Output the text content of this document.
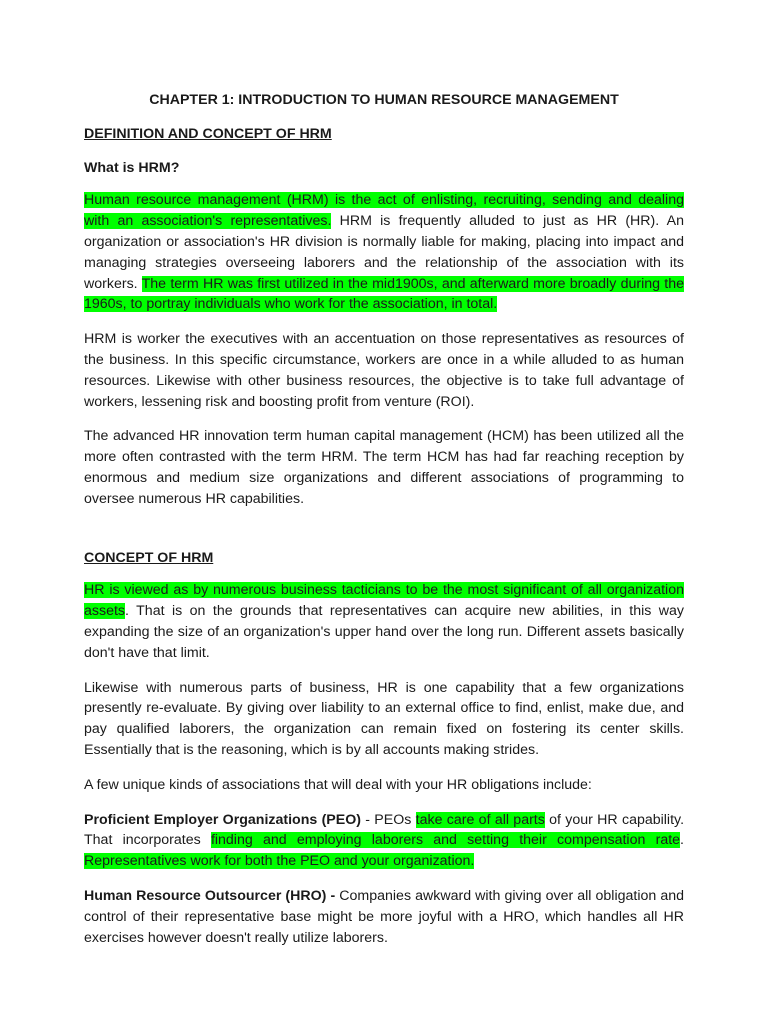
CHAPTER 1: INTRODUCTION TO HUMAN RESOURCE MANAGEMENT
DEFINITION AND CONCEPT OF HRM
What is HRM?

Human resource management (HRM) is the act of enlisting, recruiting, sending and dealing with an association's representatives. HRM is frequently alluded to just as HR (HR). An organization or association's HR division is normally liable for making, placing into impact and managing strategies overseeing laborers and the relationship of the association with its workers. The term HR was first utilized in the mid1900s, and afterward more broadly during the 1960s, to portray individuals who work for the association, in total.

HRM is worker the executives with an accentuation on those representatives as resources of the business. In this specific circumstance, workers are once in a while alluded to as human resources. Likewise with other business resources, the objective is to take full advantage of workers, lessening risk and boosting profit from venture (ROI).

The advanced HR innovation term human capital management (HCM) has been utilized all the more often contrasted with the term HRM. The term HCM has had far reaching reception by enormous and medium size organizations and different associations of programming to oversee numerous HR capabilities.

CONCEPT OF HRM

HR is viewed as by numerous business tacticians to be the most significant of all organization assets. That is on the grounds that representatives can acquire new abilities, in this way expanding the size of an organization's upper hand over the long run. Different assets basically don't have that limit.

Likewise with numerous parts of business, HR is one capability that a few organizations presently re-evaluate. By giving over liability to an external office to find, enlist, make due, and pay qualified laborers, the organization can remain fixed on fostering its center skills. Essentially that is the reasoning, which is by all accounts making strides.

A few unique kinds of associations that will deal with your HR obligations include:

Proficient Employer Organizations (PEO) - PEOs take care of all parts of your HR capability. That incorporates finding and employing laborers and setting their compensation rate. Representatives work for both the PEO and your organization.

Human Resource Outsourcer (HRO) - Companies awkward with giving over all obligation and control of their representative base might be more joyful with a HRO, which handles all HR exercises however doesn't really utilize laborers.
